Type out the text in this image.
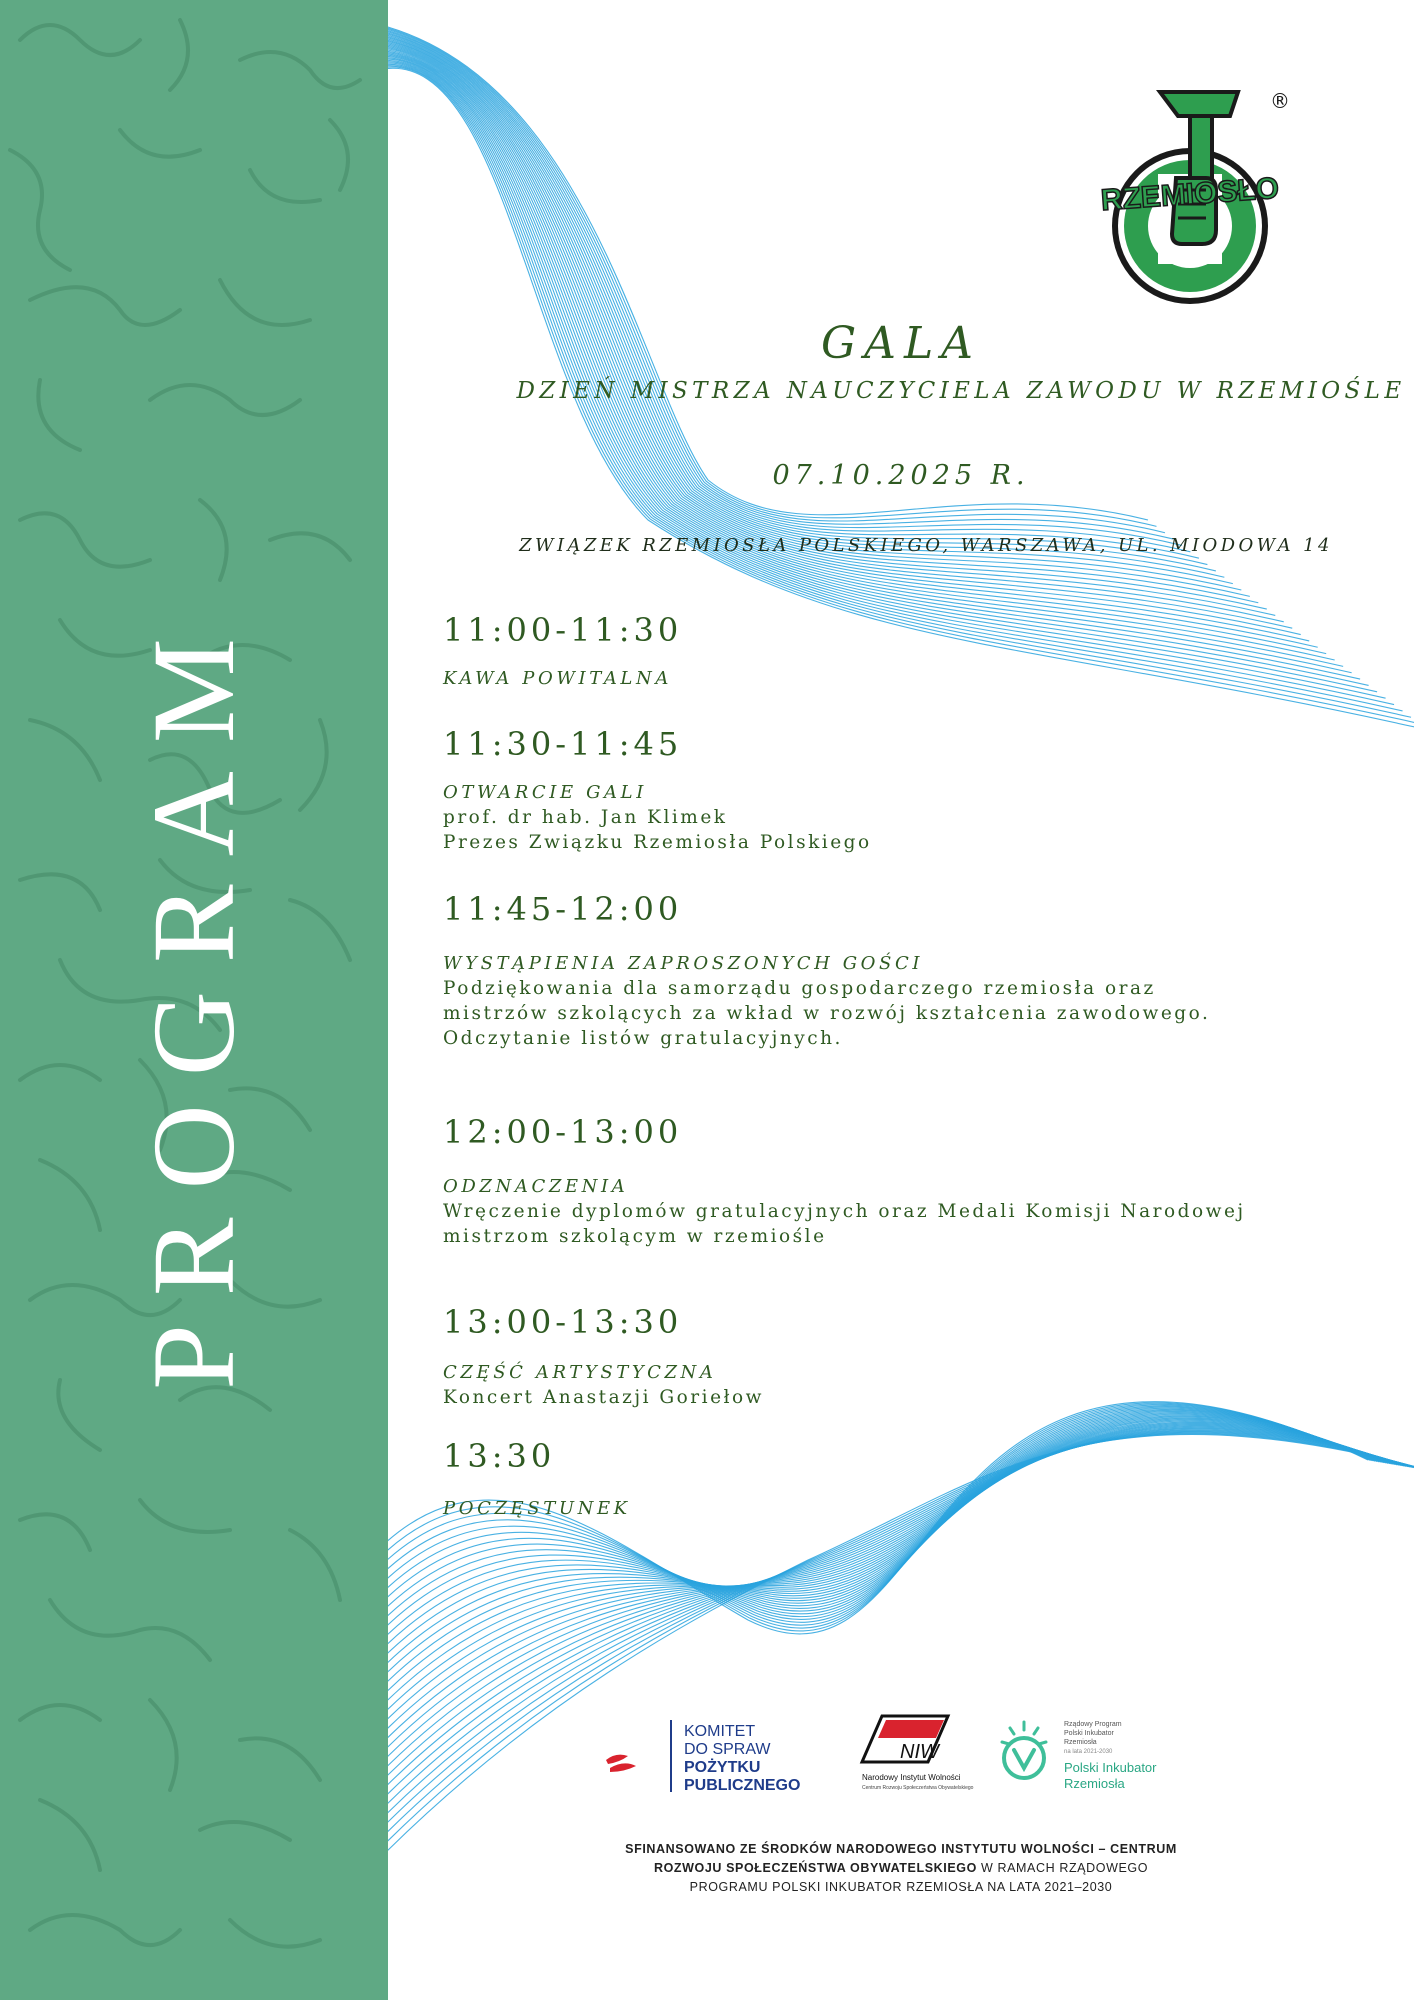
PROGRAM
RZEMIOSŁO
®
GALA
DZIEŃ MISTRZA NAUCZYCIELA ZAWODU W RZEMIOŚLE
07.10.2025 R.
ZWIĄZEK RZEMIOSŁA POLSKIEGO, WARSZAWA, UL. MIODOWA 14
11:00-11:30
KAWA POWITALNA
11:30-11:45
OTWARCIE GALI
prof. dr hab. Jan Klimek
Prezes Związku Rzemiosła Polskiego
11:45-12:00
WYSTĄPIENIA ZAPROSZONYCH GOŚCI
Podziękowania dla samorządu gospodarczego rzemiosła oraz
mistrzów szkolących za wkład w rozwój kształcenia zawodowego.
Odczytanie listów gratulacyjnych.
12:00-13:00
ODZNACZENIA
Wręczenie dyplomów gratulacyjnych oraz Medali Komisji Narodowej
mistrzom szkolącym w rzemiośle
13:00-13:30
CZĘŚĆ ARTYSTYCZNA
Koncert Anastazji Goriełow
13:30
POCZĘSTUNEK
KOMITET
DO SPRAW
POŻYTKU
PUBLICZNEGO
NIW
Narodowy Instytut Wolności
Centrum Rozwoju Społeczeństwa Obywatelskiego
Rządowy Program
Polski Inkubator
Rzemiosła
na lata 2021-2030
Polski Inkubator
Rzemiosła
SFINANSOWANO ZE ŚRODKÓW NARODOWEGO INSTYTUTU WOLNOŚCI – CENTRUM
ROZWOJU SPOŁECZEŃSTWA OBYWATELSKIEGO W RAMACH RZĄDOWEGO
PROGRAMU POLSKI INKUBATOR RZEMIOSŁA NA LATA 2021–2030
